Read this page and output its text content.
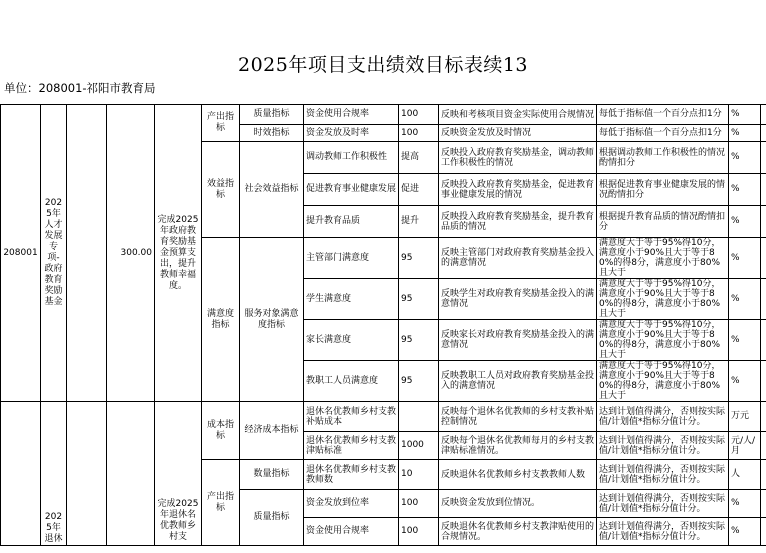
2025年项目支出绩效目标表续13
单位：208001-祁阳市教育局
208001	2025年人才发展专项-政府教育奖励基金		300.00	完成2025年政府教育奖励基金预算支出，提升教师幸福度。	产出指标	质量指标	资金使用合规率	100	反映和考核项目资金实际使用合规情况	每低于指标值一个百分点扣1分	%	
						时效指标	资金发放及时率	100	反映资金发放及时情况	每低于指标值一个百分点扣1分	%	
					效益指标	社会效益指标	调动教师工作积极性	提高	反映投入政府教育奖励基金，调动教师工作积极性的情况	根据调动教师工作积极性的情况酌情扣分	%	
							促进教育事业健康发展	促进	反映投入政府教育奖励基金，促进教育事业健康发展的情况	根据促进教育事业健康发展的情况酌情扣分	%	
							提升教育品质	提升	反映投入政府教育奖励基金，提升教育品质的情况	根据提升教育品质的情况酌情扣分	%	
					满意度指标	服务对象满意度指标	主管部门满意度	95	反映主管部门对政府教育奖励基金投入的满意情况	满意度大于等于95%得10分，满意度小于90%且大于等于80%的得8分，满意度小于80%且大于	%	
							学生满意度	95	反映学生对政府教育奖励基金投入的满意情况	满意度大于等于95%得10分，满意度小于90%且大于等于80%的得8分，满意度小于80%且大于	%	
							家长满意度	95	反映家长对政府教育奖励基金投入的满意情况	满意度大于等于95%得10分，满意度小于90%且大于等于80%的得8分，满意度小于80%且大于	%	
							教职工人员满意度	95	反映教职工人员对政府教育奖励基金投入的满意情况	满意度大于等于95%得10分，满意度小于90%且大于等于80%的得8分，满意度小于80%且大于	%	
	2025年退休			完成2025年退休名优教师乡村支	成本指标	经济成本指标	退休名优教师乡村支教补贴成本		反映每个退休名优教师的乡村支教补贴控制情况	达到计划值得满分，否则按实际值/计划值*指标分值计分。	万元	
							退休名优教师乡村支教津贴标准	1000	反映每个退休名优教师每月的乡村支教津贴标准情况。	达到计划值得满分，否则按实际值/计划值*指标分值计分。	元/人/月	
					产出指标	数量指标	退休名优教师乡村支教教师数	10	反映退休名优教师乡村支教教师人数	达到计划值得满分，否则按实际值/计划值*指标分值计分。	人	
						质量指标	资金发放到位率	100	反映资金发放到位情况。	达到计划值得满分，否则按实际值/计划值*指标分值计分。	%	
							资金使用合规率	100	反映退休名优教师乡村支教津贴使用的合规情况。	达到计划值得满分，否则按实际值/计划值*指标分值计分。	%	
